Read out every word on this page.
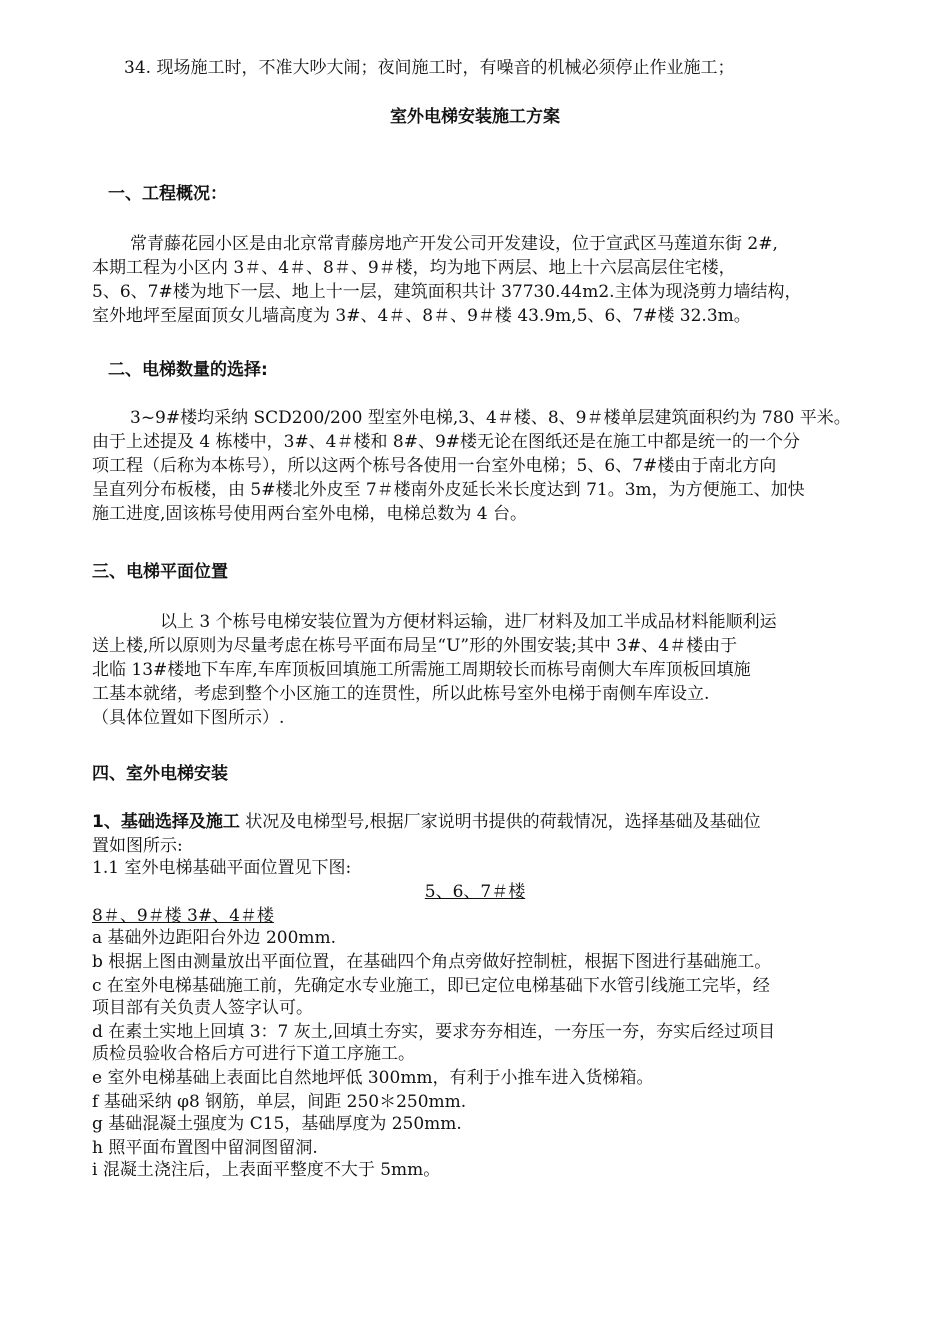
34. 现场施工时，不准大吵大闹；夜间施工时，有噪音的机械必须停止作业施工；
室外电梯安装施工方案
一、工程概况：
常青藤花园小区是由北京常青藤房地产开发公司开发建设，位于宣武区马莲道东街 2#,
本期工程为小区内 3＃、4＃、8＃、9＃楼，均为地下两层、地上十六层高层住宅楼，
5、6、7#楼为地下一层、地上十一层，建筑面积共计 37730.44m2.主体为现浇剪力墙结构，
室外地坪至屋面顶女儿墙高度为 3#、4＃、8＃、9＃楼 43.9m,5、6、7#楼 32.3m。
二、电梯数量的选择:
3~9#楼均采纳 SCD200/200 型室外电梯,3、4＃楼、8、9＃楼单层建筑面积约为 780 平米。
由于上述提及 4 栋楼中，3#、4＃楼和 8#、9#楼无论在图纸还是在施工中都是统一的一个分
项工程（后称为本栋号），所以这两个栋号各使用一台室外电梯；5、6、7#楼由于南北方向
呈直列分布板楼，由 5#楼北外皮至 7＃楼南外皮延长米长度达到 71。3m，为方便施工、加快
施工进度,固该栋号使用两台室外电梯，电梯总数为 4 台。
三、电梯平面位置
以上 3 个栋号电梯安装位置为方便材料运输，进厂材料及加工半成品材料能顺利运
送上楼,所以原则为尽量考虑在栋号平面布局呈“U”形的外围安装;其中 3#、4＃楼由于
北临 13#楼地下车库,车库顶板回填施工所需施工周期较长而栋号南侧大车库顶板回填施
工基本就绪，考虑到整个小区施工的连贯性，所以此栋号室外电梯于南侧车库设立.
（具体位置如下图所示）.
四、室外电梯安装
1、基础选择及施工 状况及电梯型号,根据厂家说明书提供的荷载情况，选择基础及基础位
置如图所示:
1.1 室外电梯基础平面位置见下图:
5、6、7＃楼
8＃、9＃楼 3#、4＃楼
a 基础外边距阳台外边 200mm.
b 根据上图由测量放出平面位置，在基础四个角点旁做好控制桩，根据下图进行基础施工。
c 在室外电梯基础施工前，先确定水专业施工，即已定位电梯基础下水管引线施工完毕，经
项目部有关负责人签字认可。
d 在素土实地上回填 3：7 灰土,回填土夯实，要求夯夯相连，一夯压一夯，夯实后经过项目
质检员验收合格后方可进行下道工序施工。
e 室外电梯基础上表面比自然地坪低 300mm，有利于小推车进入货梯箱。
f 基础采纳 φ8 钢筋，单层，间距 250＊250mm.
g 基础混凝土强度为 C15，基础厚度为 250mm.
h 照平面布置图中留洞图留洞.
i 混凝土浇注后，上表面平整度不大于 5mm。
